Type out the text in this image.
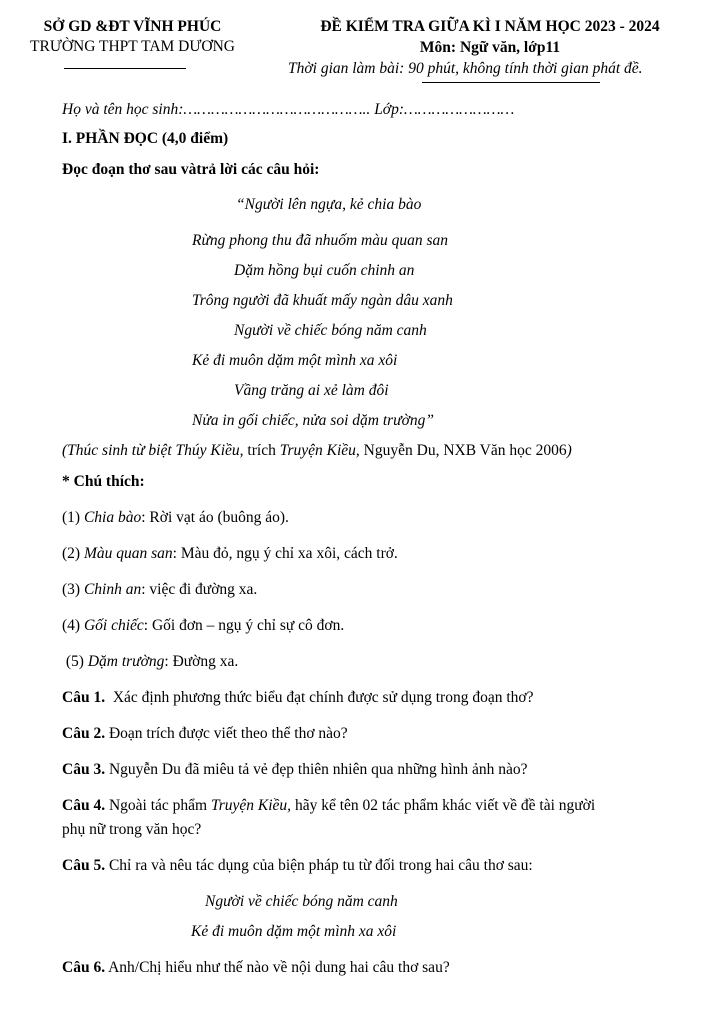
SỞ GD &ĐT VĨNH PHÚC
TRƯỜNG THPT TAM DƯƠNG
ĐỀ KIỂM TRA GIỮA KÌ I NĂM HỌC 2023 - 2024
Môn: Ngữ văn, lớp11
Thời gian làm bài: 90 phút, không tính thời gian phát đề.
Họ và tên học sinh:………………………………….. Lớp:……………………
I. PHẦN ĐỌC (4,0 điểm)
Đọc đoạn thơ sau vàtrả lời các câu hỏi:
“Người lên ngựa, kẻ chia bào
Rừng phong thu đã nhuốm màu quan san
Dặm hồng bụi cuốn chinh an
Trông người đã khuất mấy ngàn dâu xanh
Người về chiếc bóng năm canh
Kẻ đi muôn dặm một mình xa xôi
Vầng trăng ai xẻ làm đôi
Nửa in gối chiếc, nửa soi dặm trường”
(Thúc sinh từ biệt Thúy Kiều, trích Truyện Kiều, Nguyễn Du, NXB Văn học 2006)
* Chú thích:
(1) Chia bào: Rời vạt áo (buông áo).
(2) Màu quan san: Màu đỏ, ngụ ý chỉ xa xôi, cách trở.
(3) Chinh an: việc đi đường xa.
(4) Gối chiếc: Gối đơn – ngụ ý chỉ sự cô đơn.
(5) Dặm trường: Đường xa.
Câu 1.  Xác định phương thức biểu đạt chính được sử dụng trong đoạn thơ?
Câu 2. Đoạn trích được viết theo thể thơ nào?
Câu 3. Nguyễn Du đã miêu tả vẻ đẹp thiên nhiên qua những hình ảnh nào?
Câu 4. Ngoài tác phẩm Truyện Kiều, hãy kể tên 02 tác phẩm khác viết về đề tài người
phụ nữ trong văn học?
Câu 5. Chỉ ra và nêu tác dụng của biện pháp tu từ đối trong hai câu thơ sau:
Người về chiếc bóng năm canh
Kẻ đi muôn dặm một mình xa xôi
Câu 6. Anh/Chị hiểu như thế nào về nội dung hai câu thơ sau?
